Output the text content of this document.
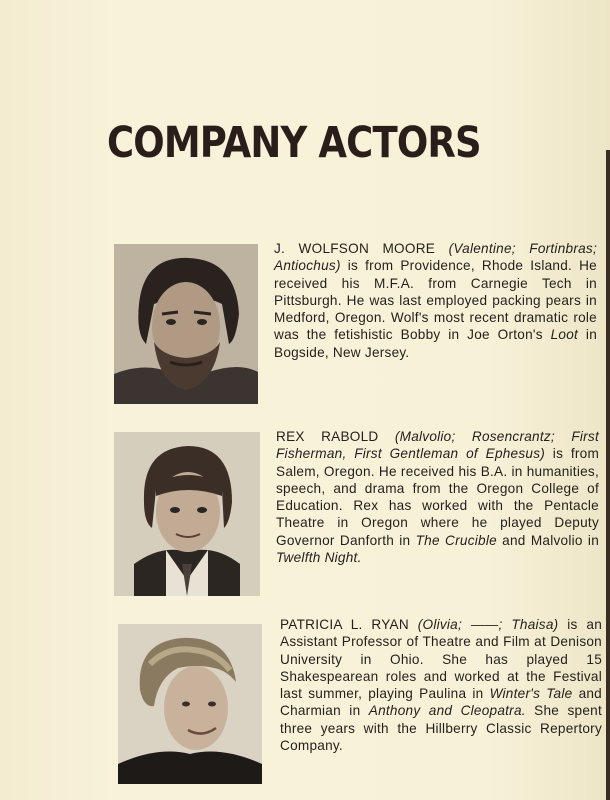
COMPANY ACTORS

J. WOLFSON MOORE (Valentine; Fortinbras; Antiochus) is from Providence, Rhode Island. He received his M.F.A. from Carnegie Tech in Pittsburgh. He was last employed packing pears in Medford, Oregon. Wolf's most recent dramatic role was the fetishistic Bobby in Joe Orton's Loot in Bogside, New Jersey.

REX RABOLD (Malvolio; Rosencrantz; First Fisherman, First Gentleman of Ephesus) is from Salem, Oregon. He received his B.A. in humanities, speech, and drama from the Oregon College of Education. Rex has worked with the Pentacle Theatre in Oregon where he played Deputy Governor Danforth in The Crucible and Malvolio in Twelfth Night.

PATRICIA L. RYAN (Olivia; ——; Thaisa) is an Assistant Professor of Theatre and Film at Denison University in Ohio. She has played 15 Shakespearean roles and worked at the Festival last summer, playing Paulina in Winter's Tale and Charmian in Anthony and Cleopatra. She spent three years with the Hillberry Classic Repertory Company.
